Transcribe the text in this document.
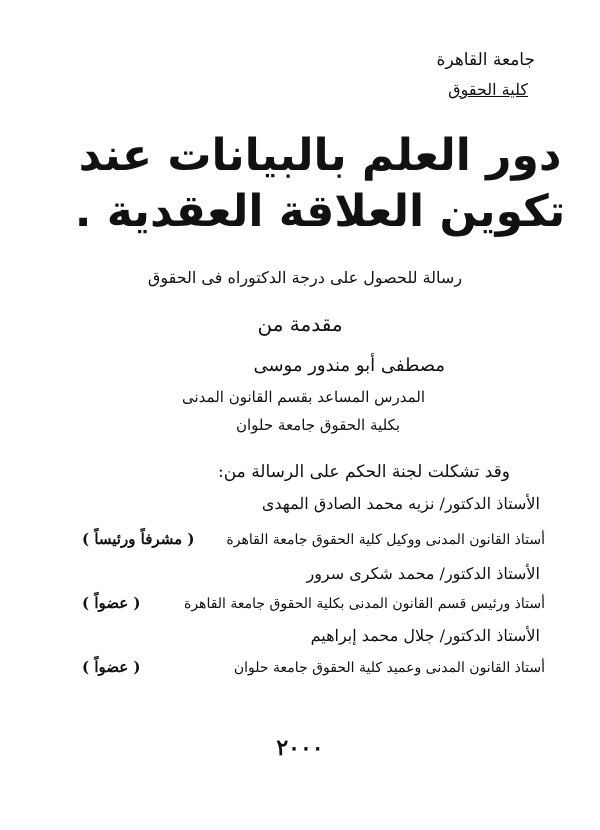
جامعة القاهرة
كلية الحقوق
دور العلم بالبيانات عند
تكوين العلاقة العقدية .
رسالة للحصول على درجة الدكتوراه فى الحقوق
مقدمة من
مصطفى أبو مندور موسى
المدرس المساعد بقسم القانون المدنى
بكلية الحقوق جامعة حلوان
وقد تشكلت لجنة الحكم على الرسالة من:
الأستاذ الدكتور/ نزيه محمد الصادق المهدى
أستاذ القانون المدنى ووكيل كلية الحقوق جامعة القاهرة
( مشرفاً ورئيساً )
الأستاذ الدكتور/ محمد شكرى سرور
أستاذ ورئيس قسم القانون المدنى بكلية الحقوق جامعة القاهرة
( عضواً )
الأستاذ الدكتور/ جلال محمد إبراهيم
أستاذ القانون المدنى وعميد كلية الحقوق جامعة حلوان
( عضواً )
٢٠٠٠
